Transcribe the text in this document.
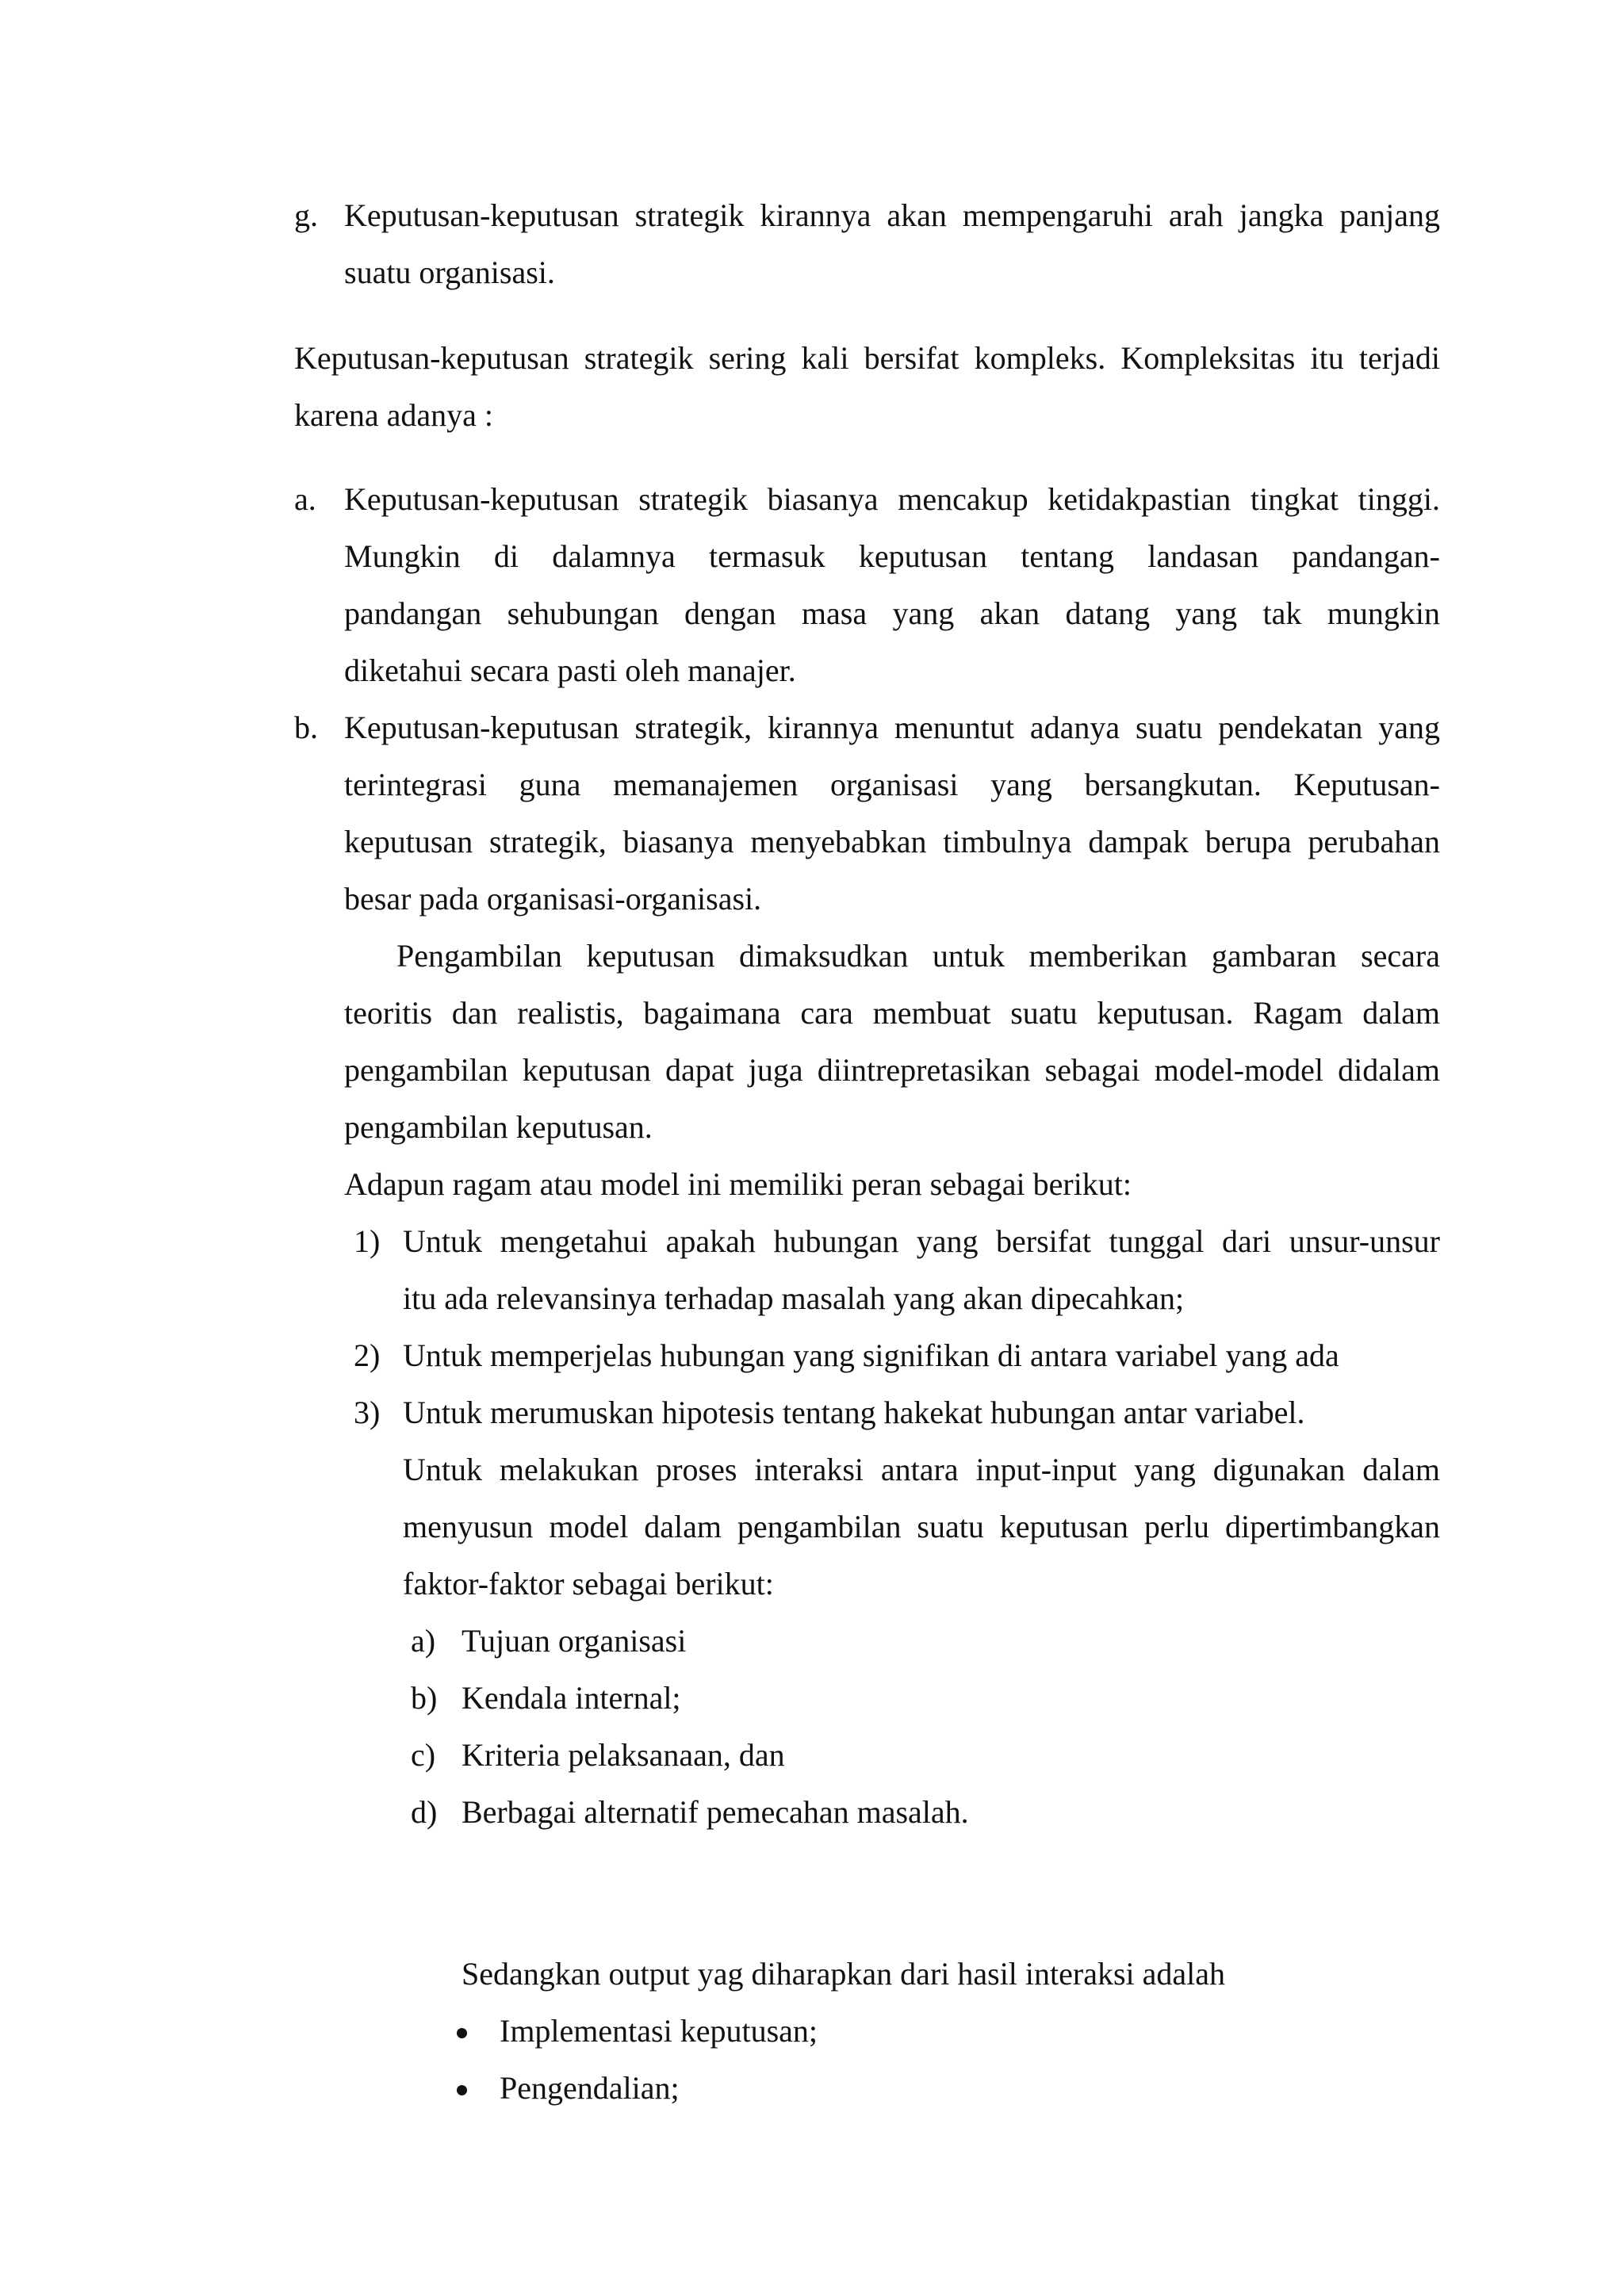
g. Keputusan-keputusan strategik kirannya akan mempengaruhi arah jangka panjang
suatu organisasi.
Keputusan-keputusan strategik sering kali bersifat kompleks. Kompleksitas itu terjadi
karena adanya :
a. Keputusan-keputusan strategik biasanya mencakup ketidakpastian tingkat tinggi.
Mungkin di dalamnya termasuk keputusan tentang landasan pandangan-
pandangan sehubungan dengan masa yang akan datang yang tak mungkin
diketahui secara pasti oleh manajer.
b. Keputusan-keputusan strategik, kirannya menuntut adanya suatu pendekatan yang
terintegrasi guna memanajemen organisasi yang bersangkutan. Keputusan-
keputusan strategik, biasanya menyebabkan timbulnya dampak berupa perubahan
besar pada organisasi-organisasi.
Pengambilan keputusan dimaksudkan untuk memberikan gambaran secara
teoritis dan realistis, bagaimana cara membuat suatu keputusan. Ragam dalam
pengambilan keputusan dapat juga diintrepretasikan sebagai model-model didalam
pengambilan keputusan.
Adapun ragam atau model ini memiliki peran sebagai berikut:
1) Untuk mengetahui apakah hubungan yang bersifat tunggal dari unsur-unsur
itu ada relevansinya terhadap masalah yang akan dipecahkan;
2) Untuk memperjelas hubungan yang signifikan di antara variabel yang ada
3) Untuk merumuskan hipotesis tentang hakekat hubungan antar variabel.
Untuk melakukan proses interaksi antara input-input yang digunakan dalam
menyusun model dalam pengambilan suatu keputusan perlu dipertimbangkan
faktor-faktor sebagai berikut:
a) Tujuan organisasi
b) Kendala internal;
c) Kriteria pelaksanaan, dan
d) Berbagai alternatif pemecahan masalah.
Sedangkan output yag diharapkan dari hasil interaksi adalah
Implementasi keputusan;
Pengendalian;
